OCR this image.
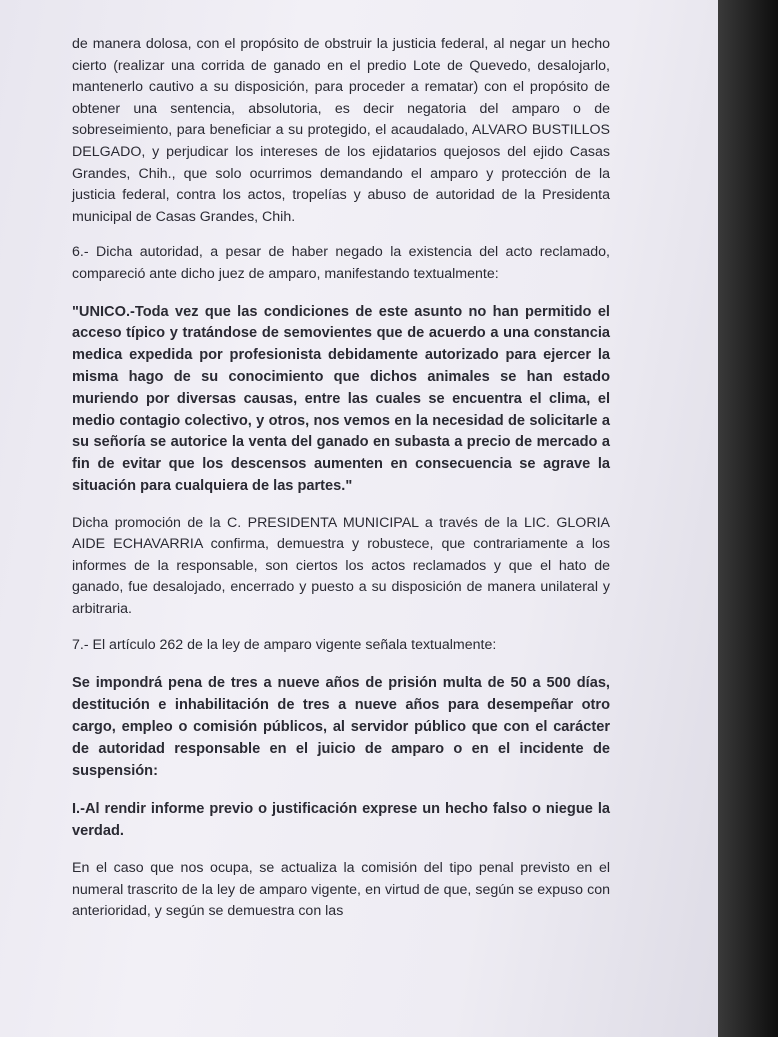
de manera dolosa, con el propósito de obstruir la justicia federal, al negar un hecho cierto (realizar una corrida de ganado en el predio Lote de Quevedo, desalojarlo, mantenerlo cautivo a su disposición, para proceder a rematar) con el propósito de obtener una sentencia, absolutoria, es decir negatoria del amparo o de sobreseimiento, para beneficiar a su protegido, el acaudalado, ALVARO BUSTILLOS DELGADO, y perjudicar los intereses de los ejidatarios quejosos del ejido Casas Grandes, Chih., que solo ocurrimos demandando el amparo y protección de la justicia federal, contra los actos, tropelías y abuso de autoridad de la Presidenta municipal de Casas Grandes, Chih.

6.- Dicha autoridad, a pesar de haber negado la existencia del acto reclamado, compareció ante dicho juez de amparo, manifestando textualmente:

"UNICO.-Toda vez que las condiciones de este asunto no han permitido el acceso típico y tratándose de semovientes que de acuerdo a una constancia medica expedida por profesionista debidamente autorizado para ejercer la misma hago de su conocimiento que dichos animales se han estado muriendo por diversas causas, entre las cuales se encuentra el clima, el medio contagio colectivo, y otros, nos vemos en la necesidad de solicitarle a su señoría se autorice la venta del ganado en subasta a precio de mercado a fin de evitar que los descensos aumenten en consecuencia se agrave la situación para cualquiera de las partes."

Dicha promoción de la C. PRESIDENTA MUNICIPAL a través de la LIC. GLORIA AIDE ECHAVARRIA confirma, demuestra y robustece, que contrariamente a los informes de la responsable, son ciertos los actos reclamados y que el hato de ganado, fue desalojado, encerrado y puesto a su disposición de manera unilateral y arbitraria.

7.- El artículo 262 de la ley de amparo vigente señala textualmente:

Se impondrá pena de tres a nueve años de prisión multa de 50 a 500 días, destitución e inhabilitación de tres a nueve años para desempeñar otro cargo, empleo o comisión públicos, al servidor público que con el carácter de autoridad responsable en el juicio de amparo o en el incidente de suspensión:

I.-Al rendir informe previo o justificación exprese un hecho falso o niegue la verdad.

En el caso que nos ocupa, se actualiza la comisión del tipo penal previsto en el numeral trascrito de la ley de amparo vigente, en virtud de que, según se expuso con anterioridad, y según se demuestra con las
